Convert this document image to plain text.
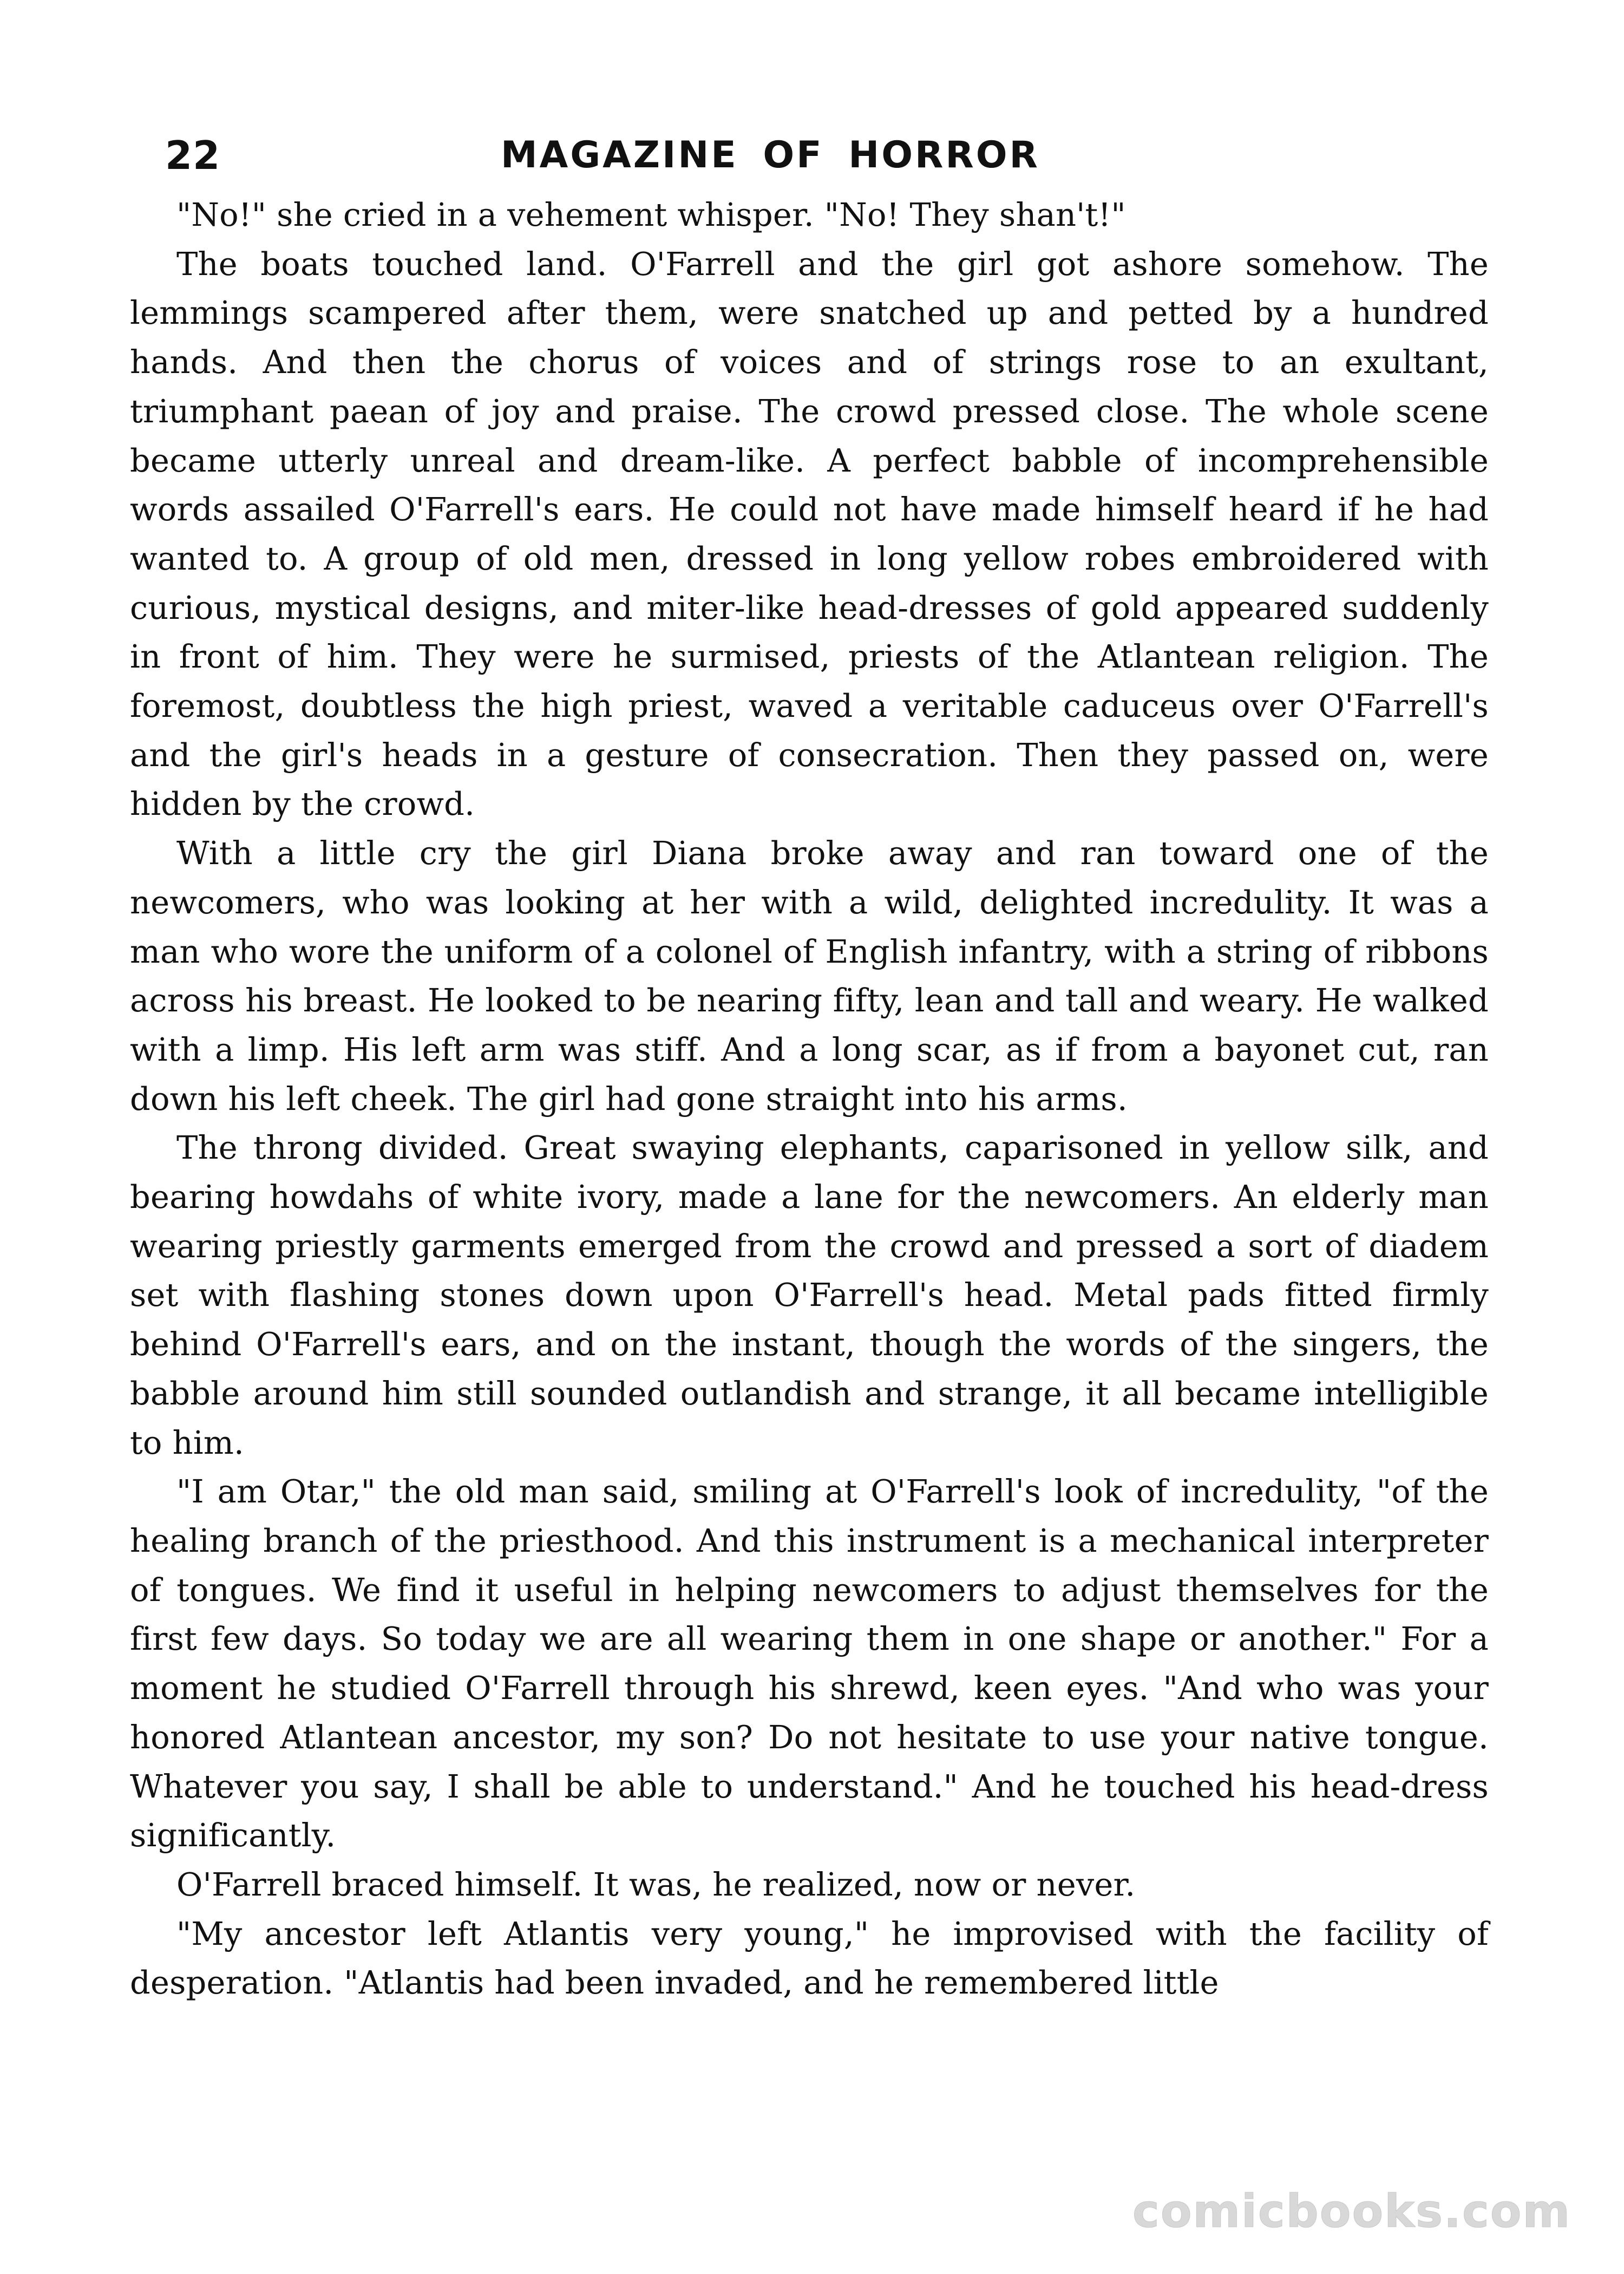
22	MAGAZINE OF HORROR

"No!" she cried in a vehement whisper. "No! They shan't!"

The boats touched land. O'Farrell and the girl got ashore somehow. The lemmings scampered after them, were snatched up and petted by a hundred hands. And then the chorus of voices and of strings rose to an exultant, triumphant paean of joy and praise. The crowd pressed close. The whole scene became utterly unreal and dream-like. A perfect babble of incomprehensible words assailed O'Farrell's ears. He could not have made himself heard if he had wanted to. A group of old men, dressed in long yellow robes embroidered with curious, mystical designs, and miter-like head-dresses of gold appeared suddenly in front of him. They were he surmised, priests of the Atlantean religion. The foremost, doubtless the high priest, waved a veritable caduceus over O'Farrell's and the girl's heads in a gesture of consecration. Then they passed on, were hidden by the crowd.

With a little cry the girl Diana broke away and ran toward one of the newcomers, who was looking at her with a wild, delighted incredulity. It was a man who wore the uniform of a colonel of English infantry, with a string of ribbons across his breast. He looked to be nearing fifty, lean and tall and weary. He walked with a limp. His left arm was stiff. And a long scar, as if from a bayonet cut, ran down his left cheek. The girl had gone straight into his arms.

The throng divided. Great swaying elephants, caparisoned in yellow silk, and bearing howdahs of white ivory, made a lane for the newcomers. An elderly man wearing priestly garments emerged from the crowd and pressed a sort of diadem set with flashing stones down upon O'Farrell's head. Metal pads fitted firmly behind O'Farrell's ears, and on the instant, though the words of the singers, the babble around him still sounded outlandish and strange, it all became intelligible to him.

"I am Otar," the old man said, smiling at O'Farrell's look of incredulity, "of the healing branch of the priesthood. And this instrument is a mechanical interpreter of tongues. We find it useful in helping newcomers to adjust themselves for the first few days. So today we are all wearing them in one shape or another." For a moment he studied O'Farrell through his shrewd, keen eyes. "And who was your honored Atlantean ancestor, my son? Do not hesitate to use your native tongue. Whatever you say, I shall be able to understand." And he touched his head-dress significantly.

O'Farrell braced himself. It was, he realized, now or never.

"My ancestor left Atlantis very young," he improvised with the facility of desperation. "Atlantis had been invaded, and he remembered little

comicbooks.com
